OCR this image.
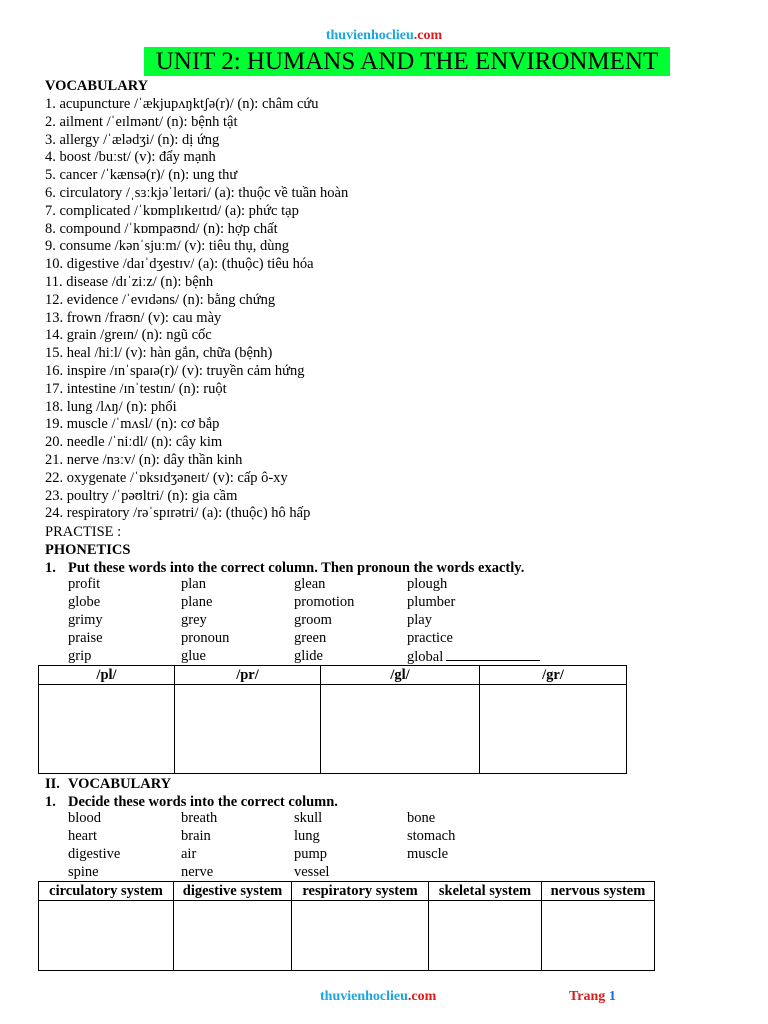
thuvienhoclieu.com
UNIT 2: HUMANS AND THE ENVIRONMENT
VOCABULARY
1. acupuncture /ˈækjupʌŋktʃə(r)/ (n): châm cứu
2. ailment /ˈeɪlmənt/ (n): bệnh tật
3. allergy /ˈælədʒi/ (n): dị ứng
4. boost /buːst/ (v): đẩy mạnh
5. cancer /ˈkænsə(r)/ (n): ung thư
6. circulatory /ˌsɜːkjəˈleɪtəri/ (a): thuộc về tuần hoàn
7. complicated /ˈkɒmplɪkeɪtɪd/ (a): phức tạp
8. compound /ˈkɒmpaʊnd/ (n): hợp chất
9. consume /kənˈsjuːm/ (v): tiêu thụ, dùng
10. digestive /daɪˈdʒestɪv/ (a): (thuộc) tiêu hóa
11. disease /dɪˈziːz/ (n): bệnh
12. evidence /ˈevɪdəns/ (n): bằng chứng
13. frown /fraʊn/ (v): cau mày
14. grain /greɪn/ (n): ngũ cốc
15. heal /hiːl/ (v): hàn gắn, chữa (bệnh)
16. inspire /ɪnˈspaɪə(r)/ (v): truyền cảm hứng
17. intestine /ɪnˈtestɪn/ (n): ruột
18. lung /lʌŋ/ (n): phổi
19. muscle /ˈmʌsl/ (n): cơ bắp
20. needle /ˈniːdl/ (n): cây kim
21. nerve /nɜːv/ (n): dây thần kinh
22. oxygenate /ˈɒksɪdʒəneɪt/ (v): cấp ô-xy
23. poultry /ˈpəʊltri/ (n): gia cầm
24. respiratory /rəˈspɪrətri/ (a): (thuộc) hô hấp
PRACTISE :
PHONETICS
1. Put these words into the correct column. Then pronoun the words exactly.
profit	plan	glean	plough
globe	plane	promotion	plumber
grimy	grey	groom	play
praise	pronoun	green	practice
grip	glue	glide	global
/pl/	/pr/	/gl/	/gr/

II. VOCABULARY
1. Decide these words into the correct column.
blood	breath	skull	bone
heart	brain	lung	stomach
digestive	air	pump	muscle
spine	nerve	vessel
circulatory system	digestive system	respiratory system	skeletal system	nervous system

thuvienhoclieu.com	Trang 1
